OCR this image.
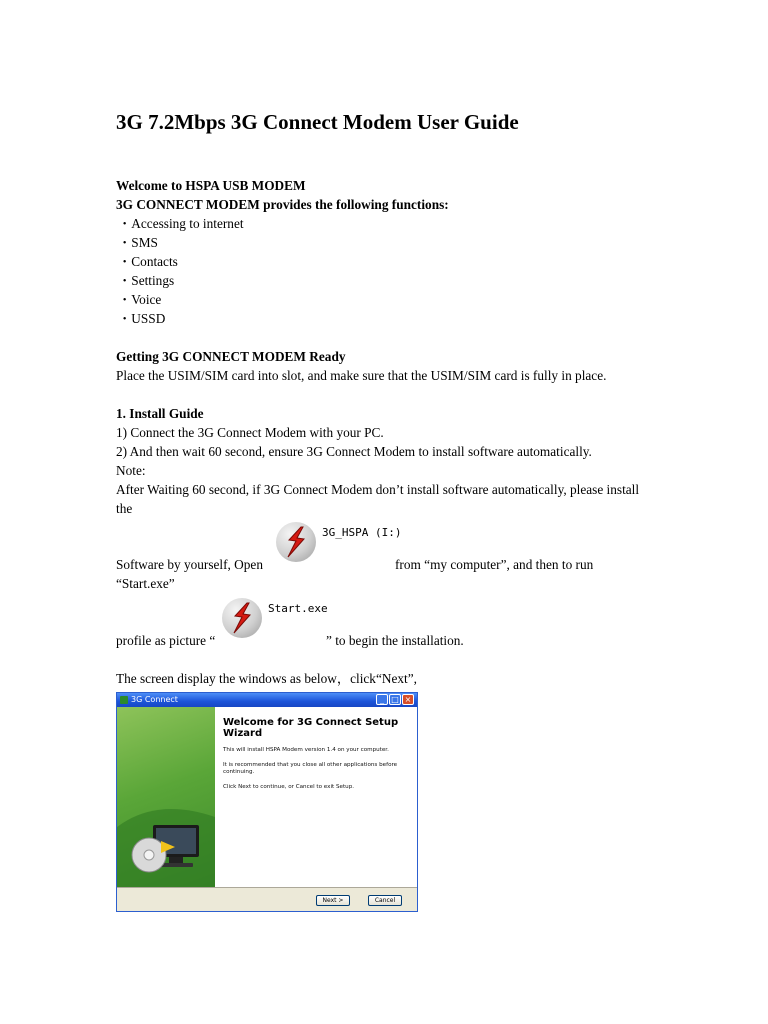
3G 7.2Mbps 3G Connect Modem User Guide
Welcome to HSPA USB MODEM
3G CONNECT MODEM provides the following functions:
・Accessing to internet
・SMS
・Contacts
・Settings
・Voice
・USSD
Getting 3G CONNECT MODEM Ready
Place the USIM/SIM card into slot, and make sure that the USIM/SIM card is fully in place.
1. Install Guide
1) Connect the 3G Connect Modem with your PC.
2) And then wait 60 second, ensure 3G Connect Modem to install software automatically.
Note:
After Waiting 60 second, if 3G Connect Modem don’t install software automatically, please install
the
Software by yourself, Open
3G_HSPA (I:)
from “my computer”, and then to run
“Start.exe”
profile as picture “
Start.exe
” to begin the installation.
The screen display the windows as below，click“Next”,
3G Connect	_ □ ×
Welcome for 3G Connect Setup Wizard
This will install HSPA Modem version 1.4 on your computer.
It is recommended that you close all other applications before continuing.
Click Next to continue, or Cancel to exit Setup.
Next >	Cancel
